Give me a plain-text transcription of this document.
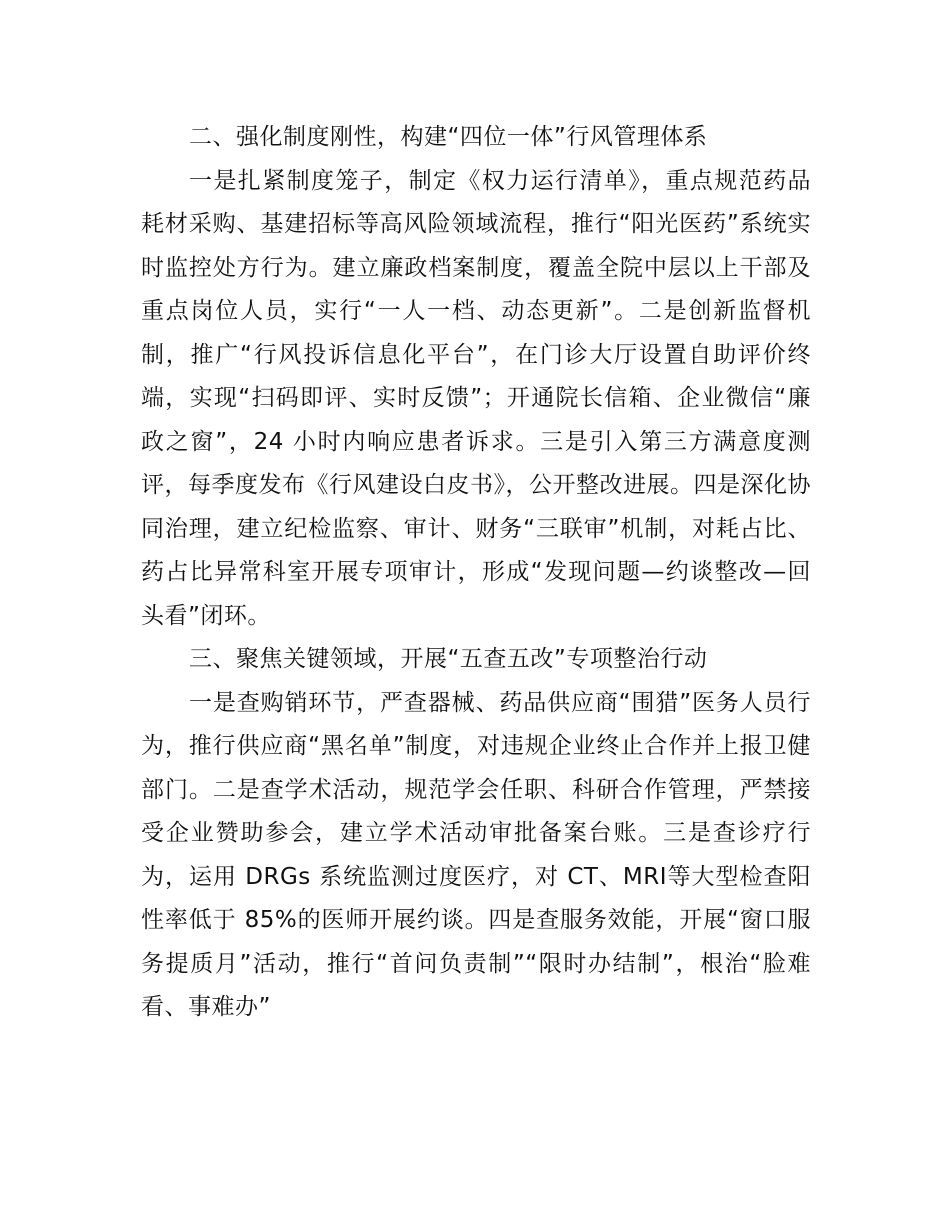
二、强化制度刚性，构建“四位一体”行风管理体系

一是扎紧制度笼子，制定《权力运行清单》，重点规范药品耗材采购、基建招标等高风险领域流程，推行“阳光医药”系统实时监控处方行为。建立廉政档案制度，覆盖全院中层以上干部及重点岗位人员，实行“一人一档、动态更新”。二是创新监督机制，推广“行风投诉信息化平台”，在门诊大厅设置自助评价终端，实现“扫码即评、实时反馈”；开通院长信箱、企业微信“廉政之窗”，24 小时内响应患者诉求。三是引入第三方满意度测评，每季度发布《行风建设白皮书》，公开整改进展。四是深化协同治理，建立纪检监察、审计、财务“三联审”机制，对耗占比、药占比异常科室开展专项审计，形成“发现问题—约谈整改—回头看”闭环。

三、聚焦关键领域，开展“五查五改”专项整治行动

一是查购销环节，严查器械、药品供应商“围猎”医务人员行为，推行供应商“黑名单”制度，对违规企业终止合作并上报卫健部门。二是查学术活动，规范学会任职、科研合作管理，严禁接受企业赞助参会，建立学术活动审批备案台账。三是查诊疗行为，运用 DRGs 系统监测过度医疗，对 CT、MRI等大型检查阳性率低于 85%的医师开展约谈。四是查服务效能，开展“窗口服务提质月”活动，推行“首问负责制”“限时办结制”，根治“脸难看、事难办”
